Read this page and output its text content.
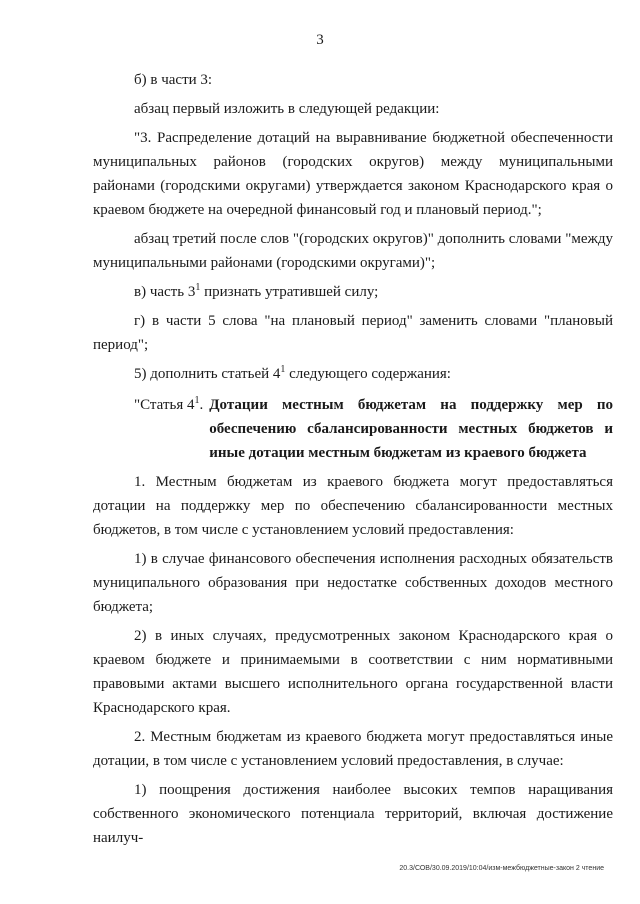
3

б) в части 3:

абзац первый изложить в следующей редакции:

"3. Распределение дотаций на выравнивание бюджетной обеспеченности муниципальных районов (городских округов) между муниципальными районами (городскими округами) утверждается законом Краснодарского края о краевом бюджете на очередной финансовый год и плановый период.";

абзац третий после слов "(городских округов)" дополнить словами "между муниципальными районами (городскими округами)";

в) часть $3^1$ признать утратившей силу;

г) в части 5 слова "на плановый период" заменить словами "плановый период";

5) дополнить статьей $4^1$ следующего содержания:

"Статья $4^1$. Дотации местным бюджетам на поддержку мер по обеспечению сбалансированности местных бюджетов и иные дотации местным бюджетам из краевого бюджета

1. Местным бюджетам из краевого бюджета могут предоставляться дотации на поддержку мер по обеспечению сбалансированности местных бюджетов, в том числе с установлением условий предоставления:

1) в случае финансового обеспечения исполнения расходных обязательств муниципального образования при недостатке собственных доходов местного бюджета;

2) в иных случаях, предусмотренных законом Краснодарского края о краевом бюджете и принимаемыми в соответствии с ним нормативными правовыми актами высшего исполнительного органа государственной власти Краснодарского края.

2. Местным бюджетам из краевого бюджета могут предоставляться иные дотации, в том числе с установлением условий предоставления, в случае:

1) поощрения достижения наиболее высоких темпов наращивания собственного экономического потенциала территорий, включая достижение наилуч-

20.3/СОВ/30.09.2019/10:04/изм-межбюджетные-закон 2 чтение
